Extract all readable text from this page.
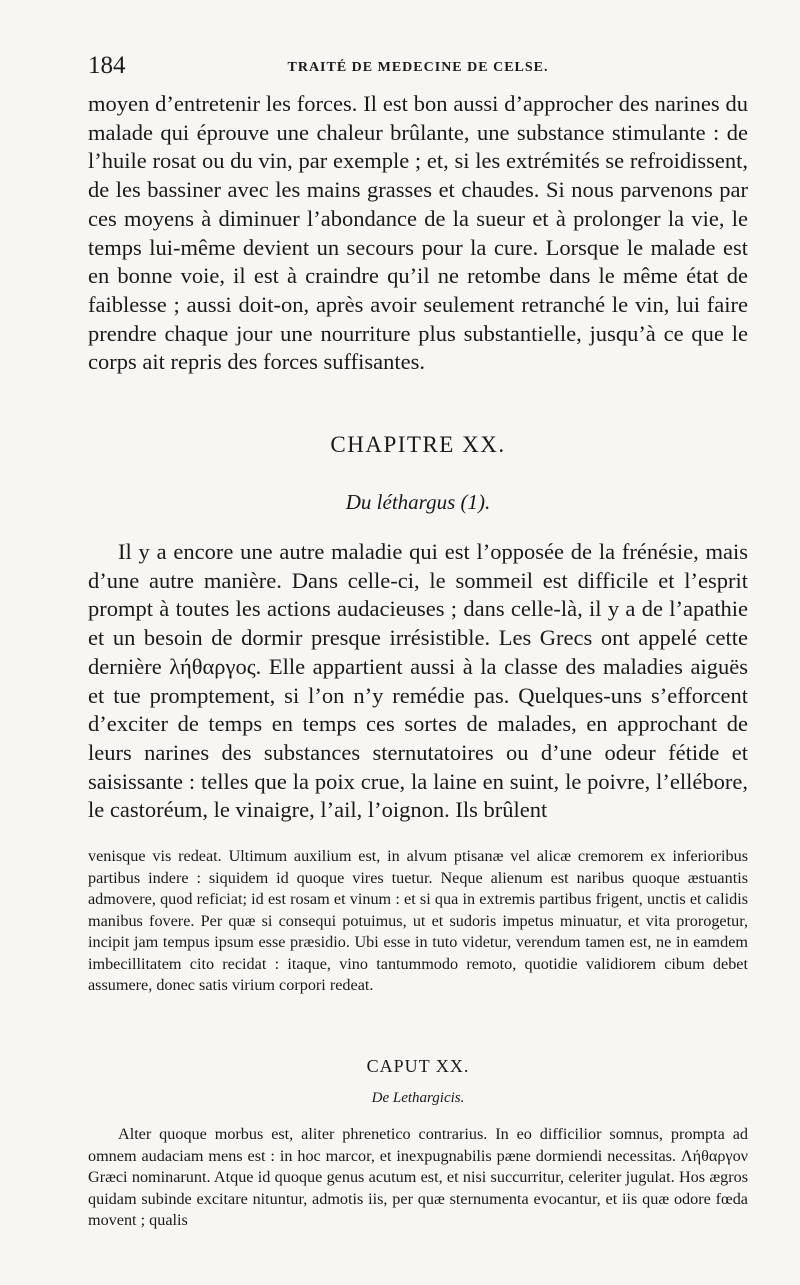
184	TRAITÉ DE MEDECINE DE CELSE.

moyen d’entretenir les forces. Il est bon aussi d’approcher des narines du malade qui éprouve une chaleur brûlante, une substance stimulante : de l’huile rosat ou du vin, par exemple ; et, si les extrémités se refroidissent, de les bassiner avec les mains grasses et chaudes. Si nous parvenons par ces moyens à diminuer l’abondance de la sueur et à prolonger la vie, le temps lui-même devient un secours pour la cure. Lorsque le malade est en bonne voie, il est à craindre qu’il ne retombe dans le même état de faiblesse ; aussi doit-on, après avoir seulement retranché le vin, lui faire prendre chaque jour une nourriture plus substantielle, jusqu’à ce que le corps ait repris des forces suffisantes.

CHAPITRE XX.
Du léthargus (1).

Il y a encore une autre maladie qui est l’opposée de la frénésie, mais d’une autre manière. Dans celle-ci, le sommeil est difficile et l’esprit prompt à toutes les actions audacieuses ; dans celle-là, il y a de l’apathie et un besoin de dormir presque irrésistible. Les Grecs ont appelé cette dernière λήθαργος. Elle appartient aussi à la classe des maladies aiguës et tue promptement, si l’on n’y remédie pas. Quelques-uns s’efforcent d’exciter de temps en temps ces sortes de malades, en approchant de leurs narines des substances sternutatoires ou d’une odeur fétide et saisissante : telles que la poix crue, la laine en suint, le poivre, l’ellébore, le castoréum, le vinaigre, l’ail, l’oignon. Ils brûlent

venisque vis redeat. Ultimum auxilium est, in alvum ptisanæ vel alicæ cremorem ex inferioribus partibus indere : siquidem id quoque vires tuetur. Neque alienum est naribus quoque æstuantis admovere, quod reficiat; id est rosam et vinum : et si qua in extremis partibus frigent, unctis et calidis manibus fovere. Per quæ si consequi potuimus, ut et sudoris impetus minuatur, et vita prorogetur, incipit jam tempus ipsum esse præsidio. Ubi esse in tuto videtur, verendum tamen est, ne in eamdem imbecillitatem cito recidat : itaque, vino tantummodo remoto, quotidie validiorem cibum debet assumere, donec satis virium corpori redeat.

CAPUT XX.
De Lethargicis.

Alter quoque morbus est, aliter phrenetico contrarius. In eo difficilior somnus, prompta ad omnem audaciam mens est : in hoc marcor, et inexpugnabilis pæne dormiendi necessitas. Λήθαργον Græci nominarunt. Atque id quoque genus acutum est, et nisi succurritur, celeriter jugulat. Hos ægros quidam subinde excitare nituntur, admotis iis, per quæ sternumenta evocantur, et iis quæ odore fœda movent ; qualis
